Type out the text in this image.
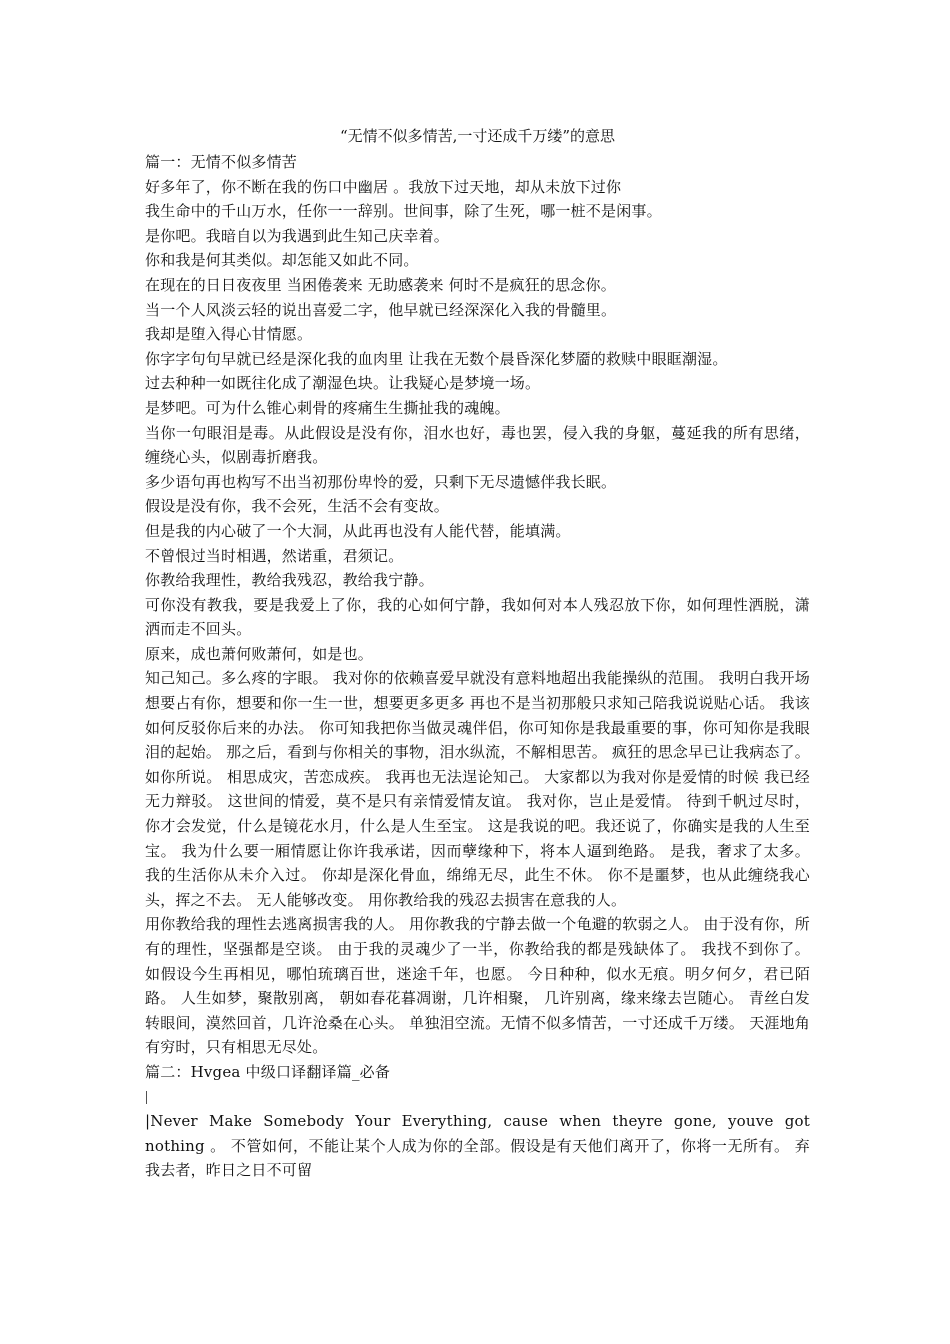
“无情不似多情苦,一寸还成千万缕”的意思

篇一：无情不似多情苦

好多年了，你不断在我的伤口中幽居 。我放下过天地，却从未放下过你

我生命中的千山万水，任你一一辞别。世间事，除了生死，哪一桩不是闲事。

是你吧。我暗自以为我遇到此生知己庆幸着。

你和我是何其类似。却怎能又如此不同。

在现在的日日夜夜里 当困倦袭来 无助感袭来 何时不是疯狂的思念你。

当一个人风淡云轻的说出喜爱二字，他早就已经深深化入我的骨髓里。

我却是堕入得心甘情愿。

你字字句句早就已经是深化我的血肉里 让我在无数个晨昏深化梦靥的救赎中眼眶潮湿。

过去种种一如既往化成了潮湿色块。让我疑心是梦境一场。

是梦吧。可为什么锥心刺骨的疼痛生生撕扯我的魂魄。

当你一句眼泪是毒。从此假设是没有你，泪水也好，毒也罢，侵入我的身躯，蔓延我的所有思绪，缠绕心头，似剧毒折磨我。

多少语句再也构写不出当初那份卑怜的爱，只剩下无尽遗憾伴我长眠。

假设是没有你，我不会死，生活不会有变故。

但是我的内心破了一个大洞，从此再也没有人能代替，能填满。

不曾恨过当时相遇，然诺重，君须记。

你教给我理性，教给我残忍，教给我宁静。

可你没有教我，要是我爱上了你，我的心如何宁静，我如何对本人残忍放下你，如何理性洒脱，潇洒而走不回头。

原来，成也萧何败萧何，如是也。

知己知己。多么疼的字眼。 我对你的依赖喜爱早就没有意料地超出我能操纵的范围。 我明白我开场想要占有你，想要和你一生一世，想要更多更多 再也不是当初那般只求知己陪我说说贴心话。 我该如何反驳你后来的办法。 你可知我把你当做灵魂伴侣，你可知你是我最重要的事，你可知你是我眼泪的起始。 那之后，看到与你相关的事物，泪水纵流，不解相思苦。 疯狂的思念早已让我病态了。如你所说。 相思成灾，苦恋成疾。 我再也无法逞论知己。 大家都以为我对你是爱情的时候 我已经无力辩驳。 这世间的情爱，莫不是只有亲情爱情友谊。 我对你，岂止是爱情。 待到千帆过尽时，你才会发觉，什么是镜花水月，什么是人生至宝。 这是我说的吧。我还说了，你确实是我的人生至宝。 我为什么要一厢情愿让你许我承诺，因而孽缘种下，将本人逼到绝路。 是我，奢求了太多。 我的生活你从未介入过。 你却是深化骨血，绵绵无尽，此生不休。 你不是噩梦，也从此缠绕我心头，挥之不去。 无人能够改变。 用你教给我的残忍去损害在意我的人。

用你教给我的理性去逃离损害我的人。 用你教我的宁静去做一个龟避的软弱之人。 由于没有你，所有的理性，坚强都是空谈。 由于我的灵魂少了一半，你教给我的都是残缺体了。 我找不到你了。 如假设今生再相见，哪怕琉璃百世，迷途千年，也愿。 今日种种，似水无痕。明夕何夕，君已陌路。 人生如梦，聚散别离， 朝如春花暮凋谢，几许相聚， 几许别离，缘来缘去岂随心。 青丝白发转眼间，漠然回首，几许沧桑在心头。 单独泪空流。无情不似多情苦，一寸还成千万缕。 天涯地角有穷时，只有相思无尽处。

篇二：Hvgea 中级口译翻译篇_必备

|

|Never Make Somebody Your Everything, cause when theyre gone, youve got nothing 。 不管如何，不能让某个人成为你的全部。假设是有天他们离开了，你将一无所有。 弃我去者，昨日之日不可留
